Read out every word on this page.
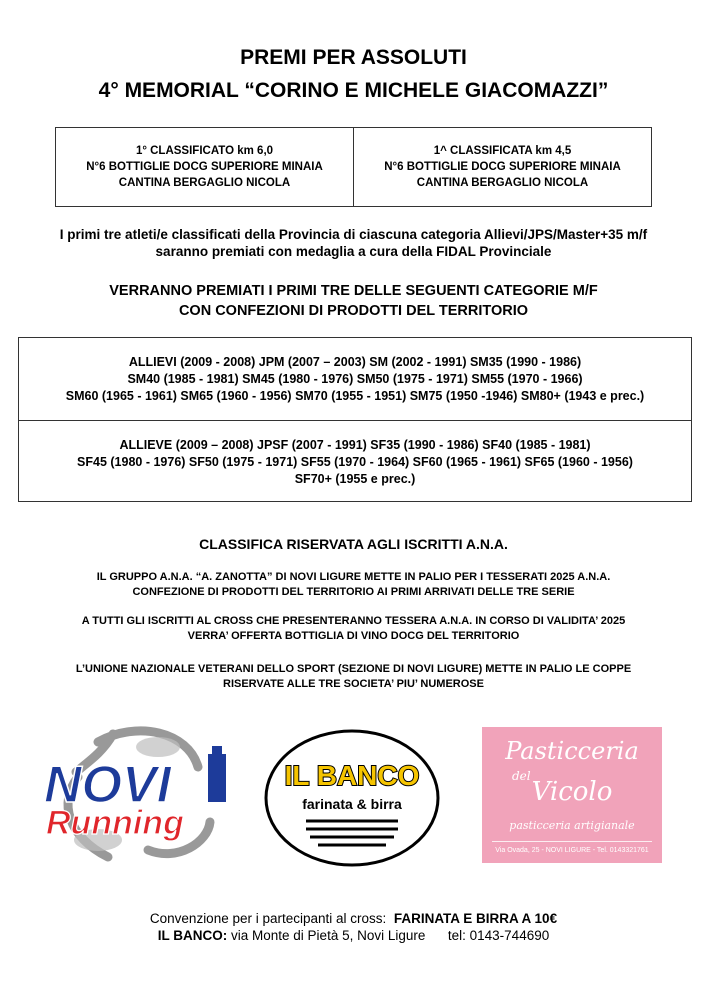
PREMI PER ASSOLUTI
4° MEMORIAL “CORINO E MICHELE GIACOMAZZI”
1° CLASSIFICATO km 6,0
N°6 BOTTIGLIE DOCG SUPERIORE MINAIA
CANTINA BERGAGLIO NICOLA
1^ CLASSIFICATA km 4,5
N°6 BOTTIGLIE DOCG SUPERIORE MINAIA
CANTINA BERGAGLIO NICOLA
I primi tre atleti/e classificati della Provincia di ciascuna categoria Allievi/JPS/Master+35 m/f
saranno premiati con medaglia a cura della FIDAL Provinciale
VERRANNO PREMIATI I PRIMI TRE DELLE SEGUENTI CATEGORIE M/F
CON CONFEZIONI DI PRODOTTI DEL TERRITORIO
ALLIEVI (2009 - 2008) JPM (2007 – 2003) SM (2002 - 1991) SM35 (1990 - 1986)
SM40 (1985 - 1981) SM45 (1980 - 1976) SM50 (1975 - 1971) SM55 (1970 - 1966)
SM60 (1965 - 1961) SM65 (1960 - 1956) SM70 (1955 - 1951) SM75 (1950 -1946) SM80+ (1943 e prec.)
ALLIEVE (2009 – 2008) JPSF (2007 - 1991) SF35 (1990 - 1986) SF40 (1985 - 1981)
SF45 (1980 - 1976) SF50 (1975 - 1971) SF55 (1970 - 1964) SF60 (1965 - 1961) SF65 (1960 - 1956)
SF70+ (1955 e prec.)
CLASSIFICA RISERVATA AGLI ISCRITTI A.N.A.
IL GRUPPO A.N.A. “A. ZANOTTA” DI NOVI LIGURE METTE IN PALIO PER I TESSERATI 2025 A.N.A.
CONFEZIONE DI PRODOTTI DEL TERRITORIO AI PRIMI ARRIVATI DELLE TRE SERIE
A TUTTI GLI ISCRITTI AL CROSS CHE PRESENTERANNO TESSERA A.N.A. IN CORSO DI VALIDITA’ 2025
VERRA’ OFFERTA BOTTIGLIA DI VINO DOCG DEL TERRITORIO
L’UNIONE NAZIONALE VETERANI DELLO SPORT (SEZIONE DI NOVI LIGURE) METTE IN PALIO LE COPPE
RISERVATE ALLE TRE SOCIETA’ PIU’ NUMEROSE
NOVI
Running
IL BANCO
farinata & birra
Pasticceria
del
Vicolo
pasticceria artigianale
Via Ovada, 25 - NOVI LIGURE - Tel. 0143321761
Convenzione per i partecipanti al cross: FARINATA E BIRRA A 10€
IL BANCO: via Monte di Pietà 5, Novi Ligure tel: 0143-744690
